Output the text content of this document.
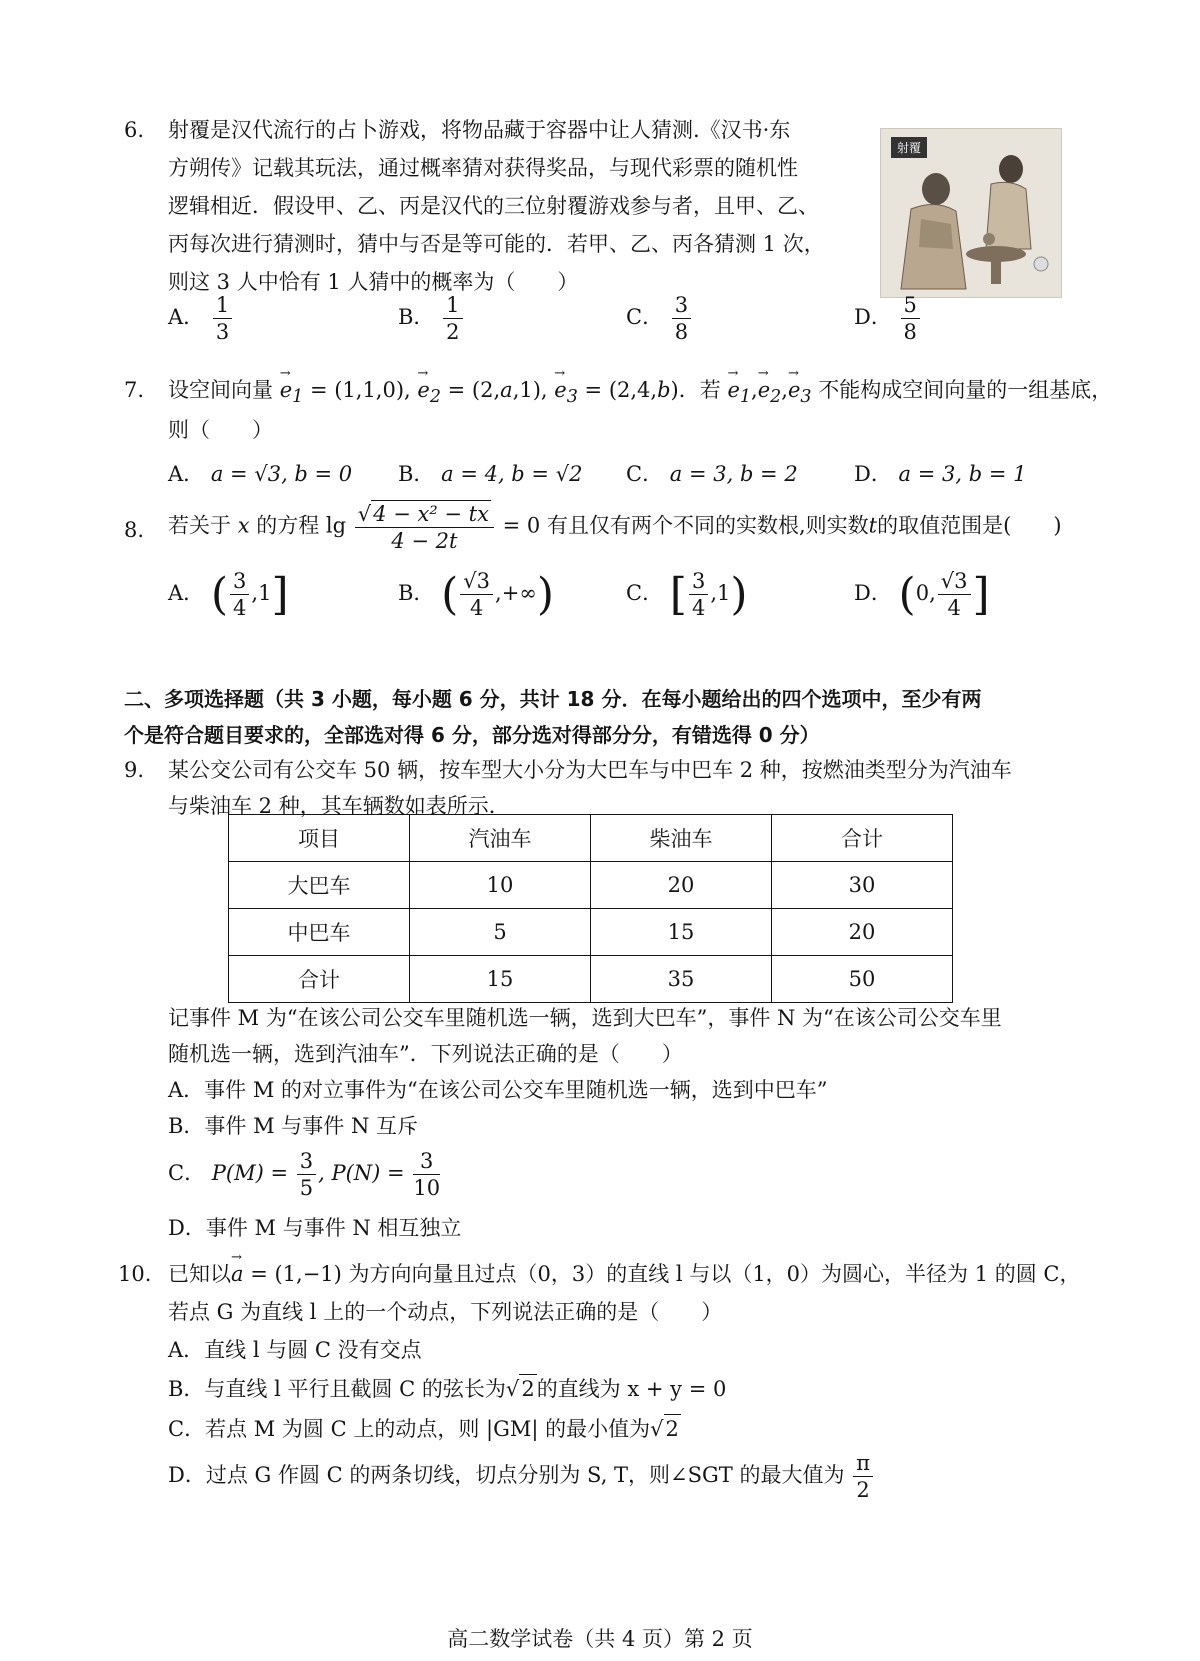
6. 射覆是汉代流行的占卜游戏，将物品藏于容器中让人猜测.《汉书·东
方朔传》记载其玩法，通过概率猜对获得奖品，与现代彩票的随机性
逻辑相近．假设甲、乙、丙是汉代的三位射覆游戏参与者，且甲、乙、
丙每次进行猜测时，猜中与否是等可能的．若甲、乙、丙各猜测 1 次，
则这 3 人中恰有 1 人猜中的概率为（　　）
射覆
A． $\frac{1}{3}$	B． $\frac{1}{2}$	C． $\frac{3}{8}$	D． $\frac{5}{8}$
7. 设空间向量 → $e_1 = (1,1,0)$, → $e_2 = (2,a,1)$, → $e_3 = (2,4,b)$．若 → $e_1,\to e_2,\to e_3$ 不能构成空间向量的一组基底，
则（　　）
A． a = √3, b = 0 B． a = 4, b = √2 C． a = 3, b = 2	D． a = 3, b = 1
8. 若关于 x 的方程 $\lg \frac{\text{√4 − x² − tx}}{4 - 2t} = 0$ 有且仅有两个不同的实数根,则实数t的取值范围是(　　)
A． ( $\frac{3}{4} ,1$]	B． ( $\frac{√3}{4}$ ,+∞)	C． [ $\frac{3}{4} ,1$)	D． (0, $\frac{√3}{4}$ ]
二、多项选择题（共 3 小题，每小题 6 分，共计 18 分．在每小题给出的四个选项中，至少有两
个是符合题目要求的，全部选对得 6 分，部分选对得部分分，有错选得 0 分）
9. 某公交公司有公交车 50 辆，按车型大小分为大巴车与中巴车 2 种，按燃油类型分为汽油车
与柴油车 2 种，其车辆数如表所示．
项目	汽油车	柴油车	合计
大巴车	10	20	30
中巴车	5	15	20
合计	15	35	50
记事件 M 为“在该公司公交车里随机选一辆，选到大巴车”，事件 N 为“在该公司公交车里
随机选一辆，选到汽油车”．下列说法正确的是（　　）
A．事件 M 的对立事件为“在该公司公交车里随机选一辆，选到中巴车”
B．事件 M 与事件 N 互斥
C． $P(M) = \frac{3}{5}$ , $P(N) = \frac{3}{10}$
D．事件 M 与事件 N 相互独立
10. 已知以→ a = (1,−1) 为方向向量且过点（0，3）的直线 l 与以（1，0）为圆心，半径为 1 的圆 C，
若点 G 为直线 l 上的一个动点，下列说法正确的是（　　）
A．直线 l 与圆 C 没有交点
B．与直线 l 平行且截圆 C 的弦长为√2的直线为 x + y = 0
C．若点 M 为圆 C 上的动点，则 |GM| 的最小值为√2
D．过点 G 作圆 C 的两条切线，切点分别为 S, T，则∠SGT 的最大值为 $\frac{\pi}{2}$
高二数学试卷（共 4 页）第 2 页
